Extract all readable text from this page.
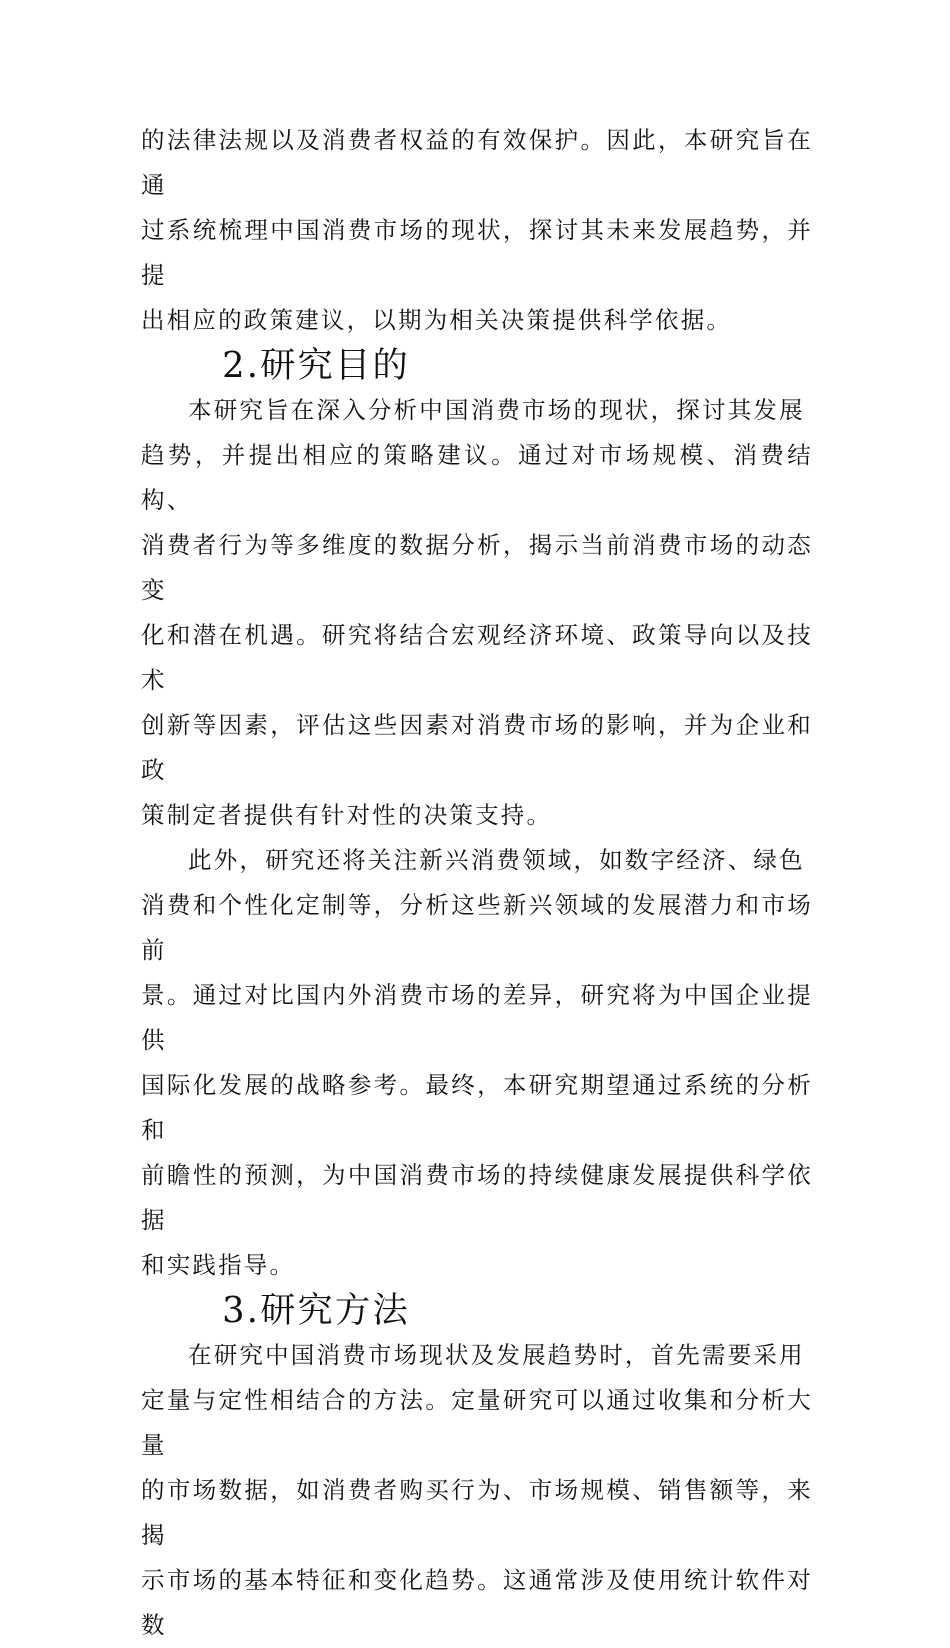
的法律法规以及消费者权益的有效保护。因此，本研究旨在通
过系统梳理中国消费市场的现状，探讨其未来发展趋势，并提
出相应的政策建议，以期为相关决策提供科学依据。

2.研究目的

本研究旨在深入分析中国消费市场的现状，探讨其发展
趋势，并提出相应的策略建议。通过对市场规模、消费结构、
消费者行为等多维度的数据分析，揭示当前消费市场的动态变
化和潜在机遇。研究将结合宏观经济环境、政策导向以及技术
创新等因素，评估这些因素对消费市场的影响，并为企业和政
策制定者提供有针对性的决策支持。

此外，研究还将关注新兴消费领域，如数字经济、绿色
消费和个性化定制等，分析这些新兴领域的发展潜力和市场前
景。通过对比国内外消费市场的差异，研究将为中国企业提供
国际化发展的战略参考。最终，本研究期望通过系统的分析和
前瞻性的预测，为中国消费市场的持续健康发展提供科学依据
和实践指导。

3.研究方法

在研究中国消费市场现状及发展趋势时，首先需要采用
定量与定性相结合的方法。定量研究可以通过收集和分析大量
的市场数据，如消费者购买行为、市场规模、销售额等，来揭
示市场的基本特征和变化趋势。这通常涉及使用统计软件对数
